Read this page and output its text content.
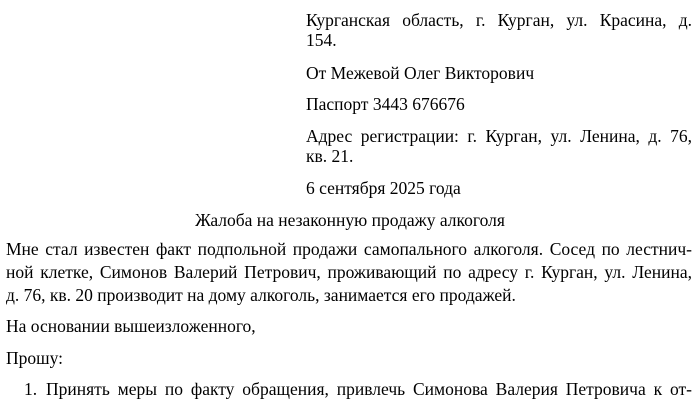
Курганская область, г. Курган, ул. Красина, д.
154.
От Межевой Олег Викторович
Паспорт 3443 676676
Адрес регистрации: г. Курган, ул. Ленина, д. 76,
кв. 21.
6 сентября 2025 года
Жалоба на незаконную продажу алкоголя
Мне стал известен факт подпольной продажи самопального алкоголя. Сосед по лестнич-
ной клетке, Симонов Валерий Петрович, проживающий по адресу г. Курган, ул. Ленина,
д. 76, кв. 20 производит на дому алкоголь, занимается его продажей.
На основании вышеизложенного,
Прошу:
1. Принять меры по факту обращения, привлечь Симонова Валерия Петровича к от-
